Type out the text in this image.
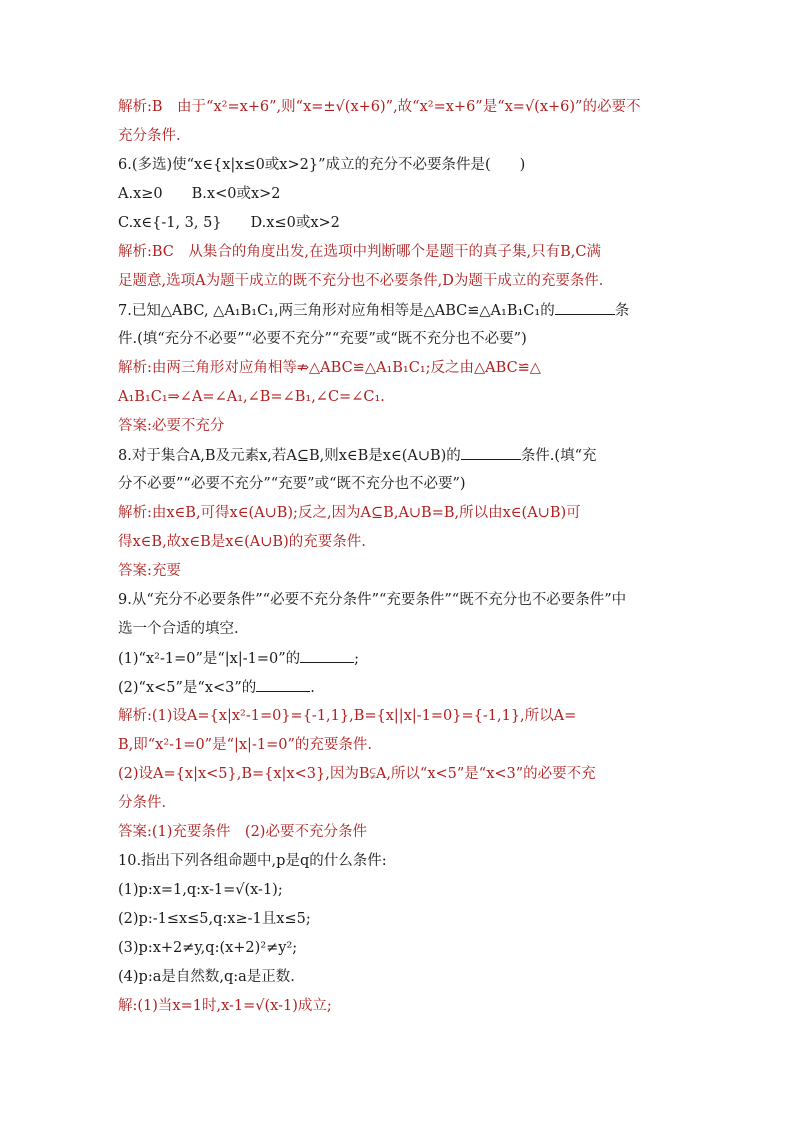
解析:B　由于“x²=x+6”,则“x=±√(x+6)”,故“x²=x+6”是“x=√(x+6)”的必要不
充分条件.
6.(多选)使“x∈{x|x≤0或x>2}”成立的充分不必要条件是(　　)
A.x≥0　　B.x<0或x>2
C.x∈{-1, 3, 5}　　D.x≤0或x>2
解析:BC　从集合的角度出发,在选项中判断哪个是题干的真子集,只有B,C满
足题意,选项A为题干成立的既不充分也不必要条件,D为题干成立的充要条件.
7.已知△ABC, △A₁B₁C₁,两三角形对应角相等是△ABC≌△A₁B₁C₁的	条
件.(填“充分不必要”“必要不充分”“充要”或“既不充分也不必要”)
解析:由两三角形对应角相等⇏△ABC≌△A₁B₁C₁;反之由△ABC≌△
A₁B₁C₁⇒∠A=∠A₁,∠B=∠B₁,∠C=∠C₁.
答案:必要不充分
8.对于集合A,B及元素x,若A⊆B,则x∈B是x∈(A∪B)的	条件.(填“充
分不必要”“必要不充分”“充要”或“既不充分也不必要”)
解析:由x∈B,可得x∈(A∪B);反之,因为A⊆B,A∪B=B,所以由x∈(A∪B)可
得x∈B,故x∈B是x∈(A∪B)的充要条件.
答案:充要
9.从“充分不必要条件”“必要不充分条件”“充要条件”“既不充分也不必要条件”中
选一个合适的填空.
(1)“x²-1=0”是“|x|-1=0”的	;
(2)“x<5”是“x<3”的	.
解析:(1)设A={x|x²-1=0}={-1,1},B={x||x|-1=0}={-1,1},所以A=
B,即“x²-1=0”是“|x|-1=0”的充要条件.
(2)设A={x|x<5},B={x|x<3},因为B⫋A,所以“x<5”是“x<3”的必要不充
分条件.
答案:(1)充要条件　(2)必要不充分条件
10.指出下列各组命题中,p是q的什么条件:
(1)p:x=1,q:x-1=√(x-1);
(2)p:-1≤x≤5,q:x≥-1且x≤5;
(3)p:x+2≠y,q:(x+2)²≠y²;
(4)p:a是自然数,q:a是正数.
解:(1)当x=1时,x-1=√(x-1)成立;
